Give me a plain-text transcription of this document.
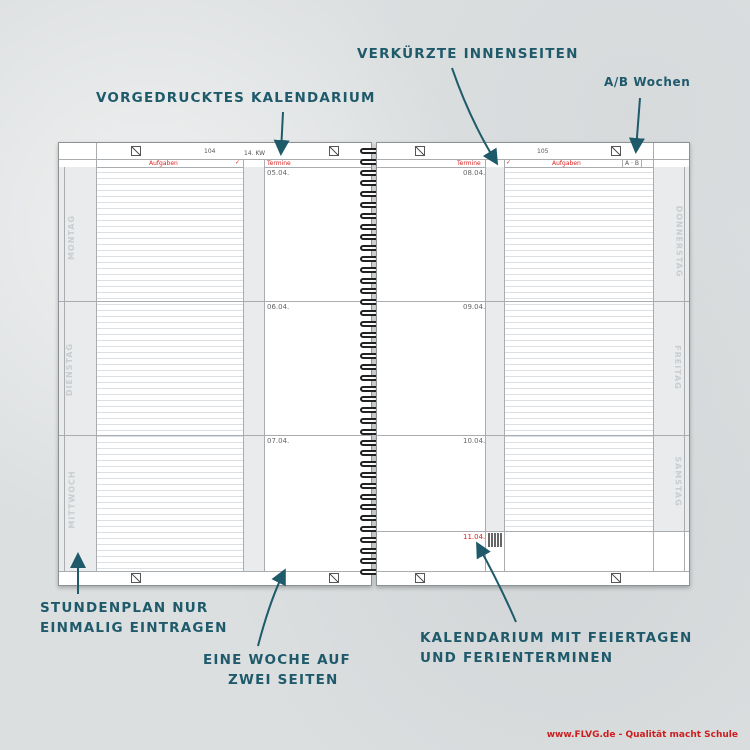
VORGEDRUCKTES KALENDARIUM
VERKÜRZTE INNENSEITEN
A/B Wochen
STUNDENPLAN NUR
EINMALIG EINTRAGEN
EINE WOCHE AUF
ZWEI SEITEN
KALENDARIUM MIT FEIERTAGEN
UND FERIENTERMINEN
104	14. KW
Aufgaben	✓	Termine
MONTAG
DIENSTAG
MITTWOCH
05.04.
06.04.
07.04.
105
Termine	✓	Aufgaben	A · B
08.04.
09.04.
10.04.
11.04.
DONNERSTAG
FREITAG
SAMSTAG
www.FLVG.de - Qualität macht Schule
